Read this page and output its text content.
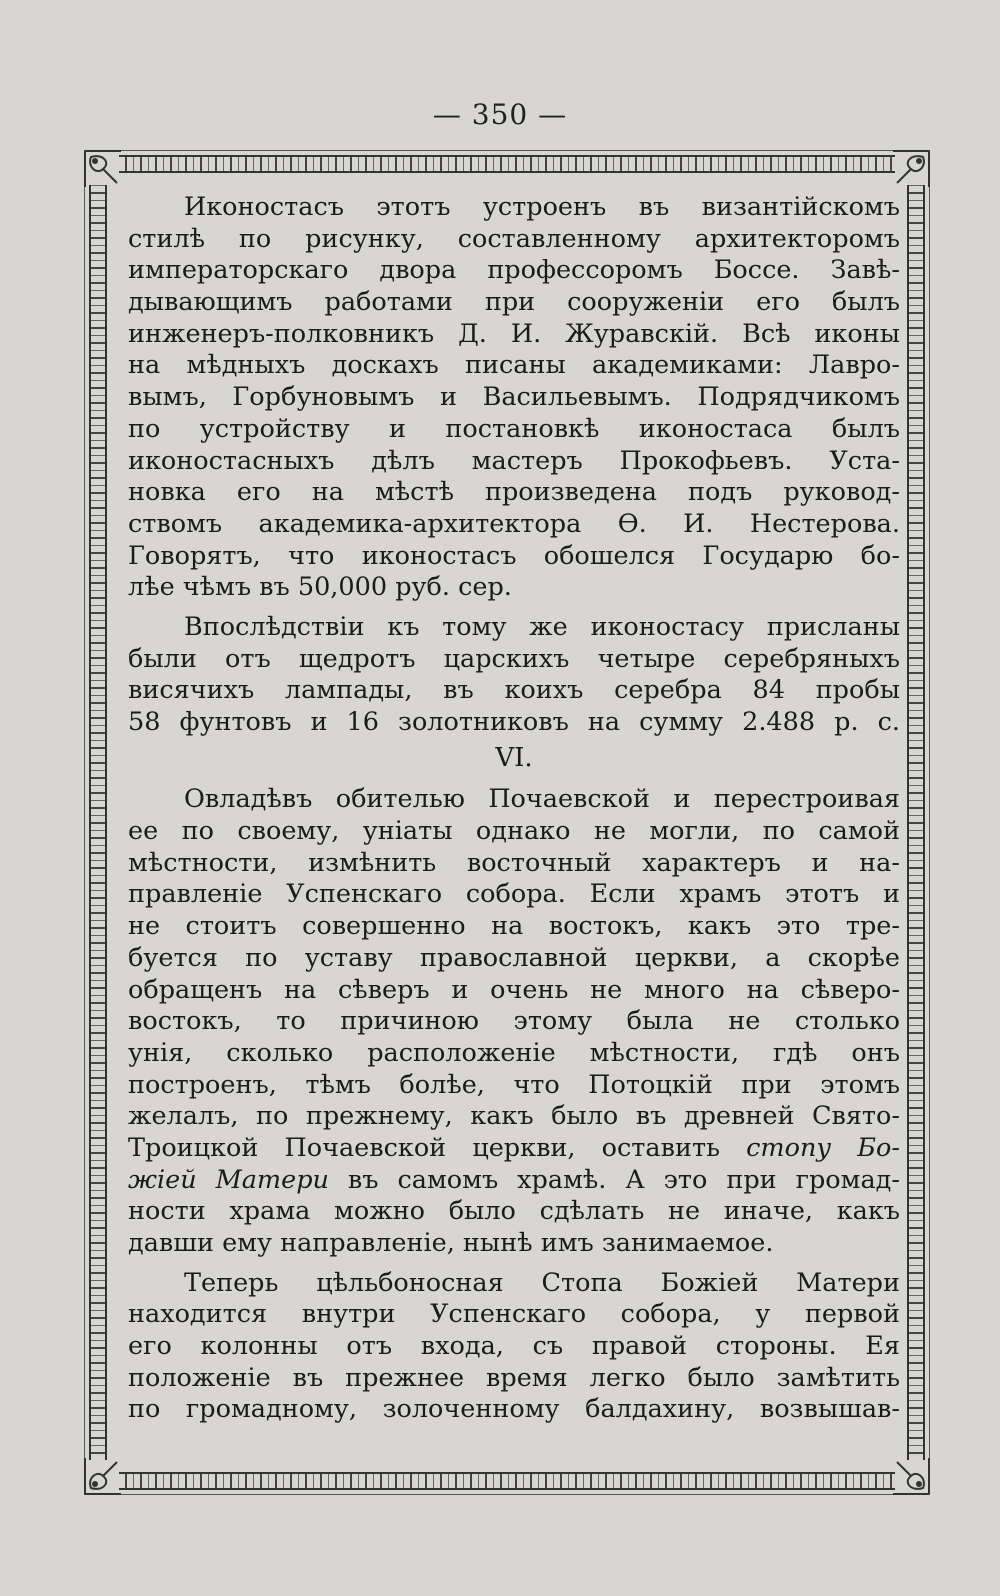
— 350 —
Иконостасъ этотъ устроенъ въ византійскомъ
стилѣ по рисунку, составленному архитекторомъ
императорскаго двора профессоромъ Боссе. Завѣ-
дывающимъ работами при сооруженіи его былъ
инженеръ-полковникъ Д. И. Журавскій. Всѣ иконы
на мѣдныхъ доскахъ писаны академиками: Лавро-
вымъ, Горбуновымъ и Васильевымъ. Подрядчикомъ
по устройству и постановкѣ иконостаса былъ
иконостасныхъ дѣлъ мастеръ Прокофьевъ. Уста-
новка его на мѣстѣ произведена подъ руковод-
ствомъ академика-архитектора Ѳ. И. Нестерова.
Говорятъ, что иконостасъ обошелся Государю бо-
лѣе чѣмъ въ 50,000 руб. сер.
Впослѣдствіи къ тому же иконостасу присланы
были отъ щедротъ царскихъ четыре серебряныхъ
висячихъ лампады, въ коихъ серебра 84 пробы
58 фунтовъ и 16 золотниковъ на сумму 2.488 р. с.
VI.
Овладѣвъ обителью Почаевской и перестроивая
ее по своему, уніаты однако не могли, по самой
мѣстности, измѣнить восточный характеръ и на-
правленіе Успенскаго собора. Если храмъ этотъ и
не стоитъ совершенно на востокъ, какъ это тре-
буется по уставу православной церкви, а скорѣе
обращенъ на сѣверъ и очень не много на сѣверо-
востокъ, то причиною этому была не столько
унія, сколько расположеніе мѣстности, гдѣ онъ
построенъ, тѣмъ болѣе, что Потоцкій при этомъ
желалъ, по прежнему, какъ было въ древней Свято-
Троицкой Почаевской церкви, оставить стопу Бо-
жіей Матери въ самомъ храмѣ. А это при громад-
ности храма можно было сдѣлать не иначе, какъ
давши ему направленіе, нынѣ имъ занимаемое.
Теперь цѣльбоносная Стопа Божіей Матери
находится внутри Успенскаго собора, у первой
его колонны отъ входа, съ правой стороны. Ея
положеніе въ прежнее время легко было замѣтить
по громадному, золоченному балдахину, возвышав-
